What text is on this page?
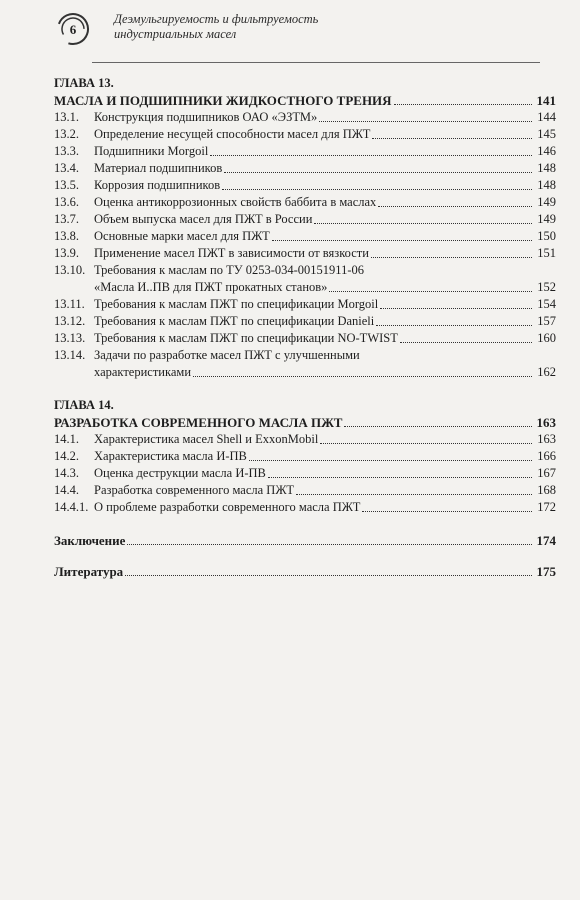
6
Деэмульгируемость и фильтруемость
индустриальных масел
ГЛАВА 13.
МАСЛА И ПОДШИПНИКИ ЖИДКОСТНОГО ТРЕНИЯ	141
13.1.	Конструкция подшипников ОАО «ЭЗТМ»	144
13.2.	Определение несущей способности масел для ПЖТ	145
13.3.	Подшипники Morgoil	146
13.4.	Материал подшипников	148
13.5.	Коррозия подшипников	148
13.6.	Оценка антикоррозионных свойств баббита в маслах	149
13.7.	Объем выпуска масел для ПЖТ в России	149
13.8.	Основные марки масел для ПЖТ	150
13.9.	Применение масел ПЖТ в зависимости от вязкости	151
13.10. Требования к маслам по ТУ 0253-034-00151911-06
«Масла И..ПВ для ПЖТ прокатных станов»	152
13.11. Требования к маслам ПЖТ по спецификации Morgoil	154
13.12. Требования к маслам ПЖТ по спецификации Danieli	157
13.13. Требования к маслам ПЖТ по спецификации NO-TWIST	160
13.14. Задачи по разработке масел ПЖТ с улучшенными
характеристиками	162
ГЛАВА 14.
РАЗРАБОТКА СОВРЕМЕННОГО МАСЛА ПЖТ	163
14.1.	Характеристика масел Shell и ExxonMobil	163
14.2.	Характеристика масла И-ПВ	166
14.3.	Оценка деструкции масла И-ПВ	167
14.4.	Разработка современного масла ПЖТ	168
14.4.1. О проблеме разработки современного масла ПЖТ	172
Заключение	174
Литература	175
